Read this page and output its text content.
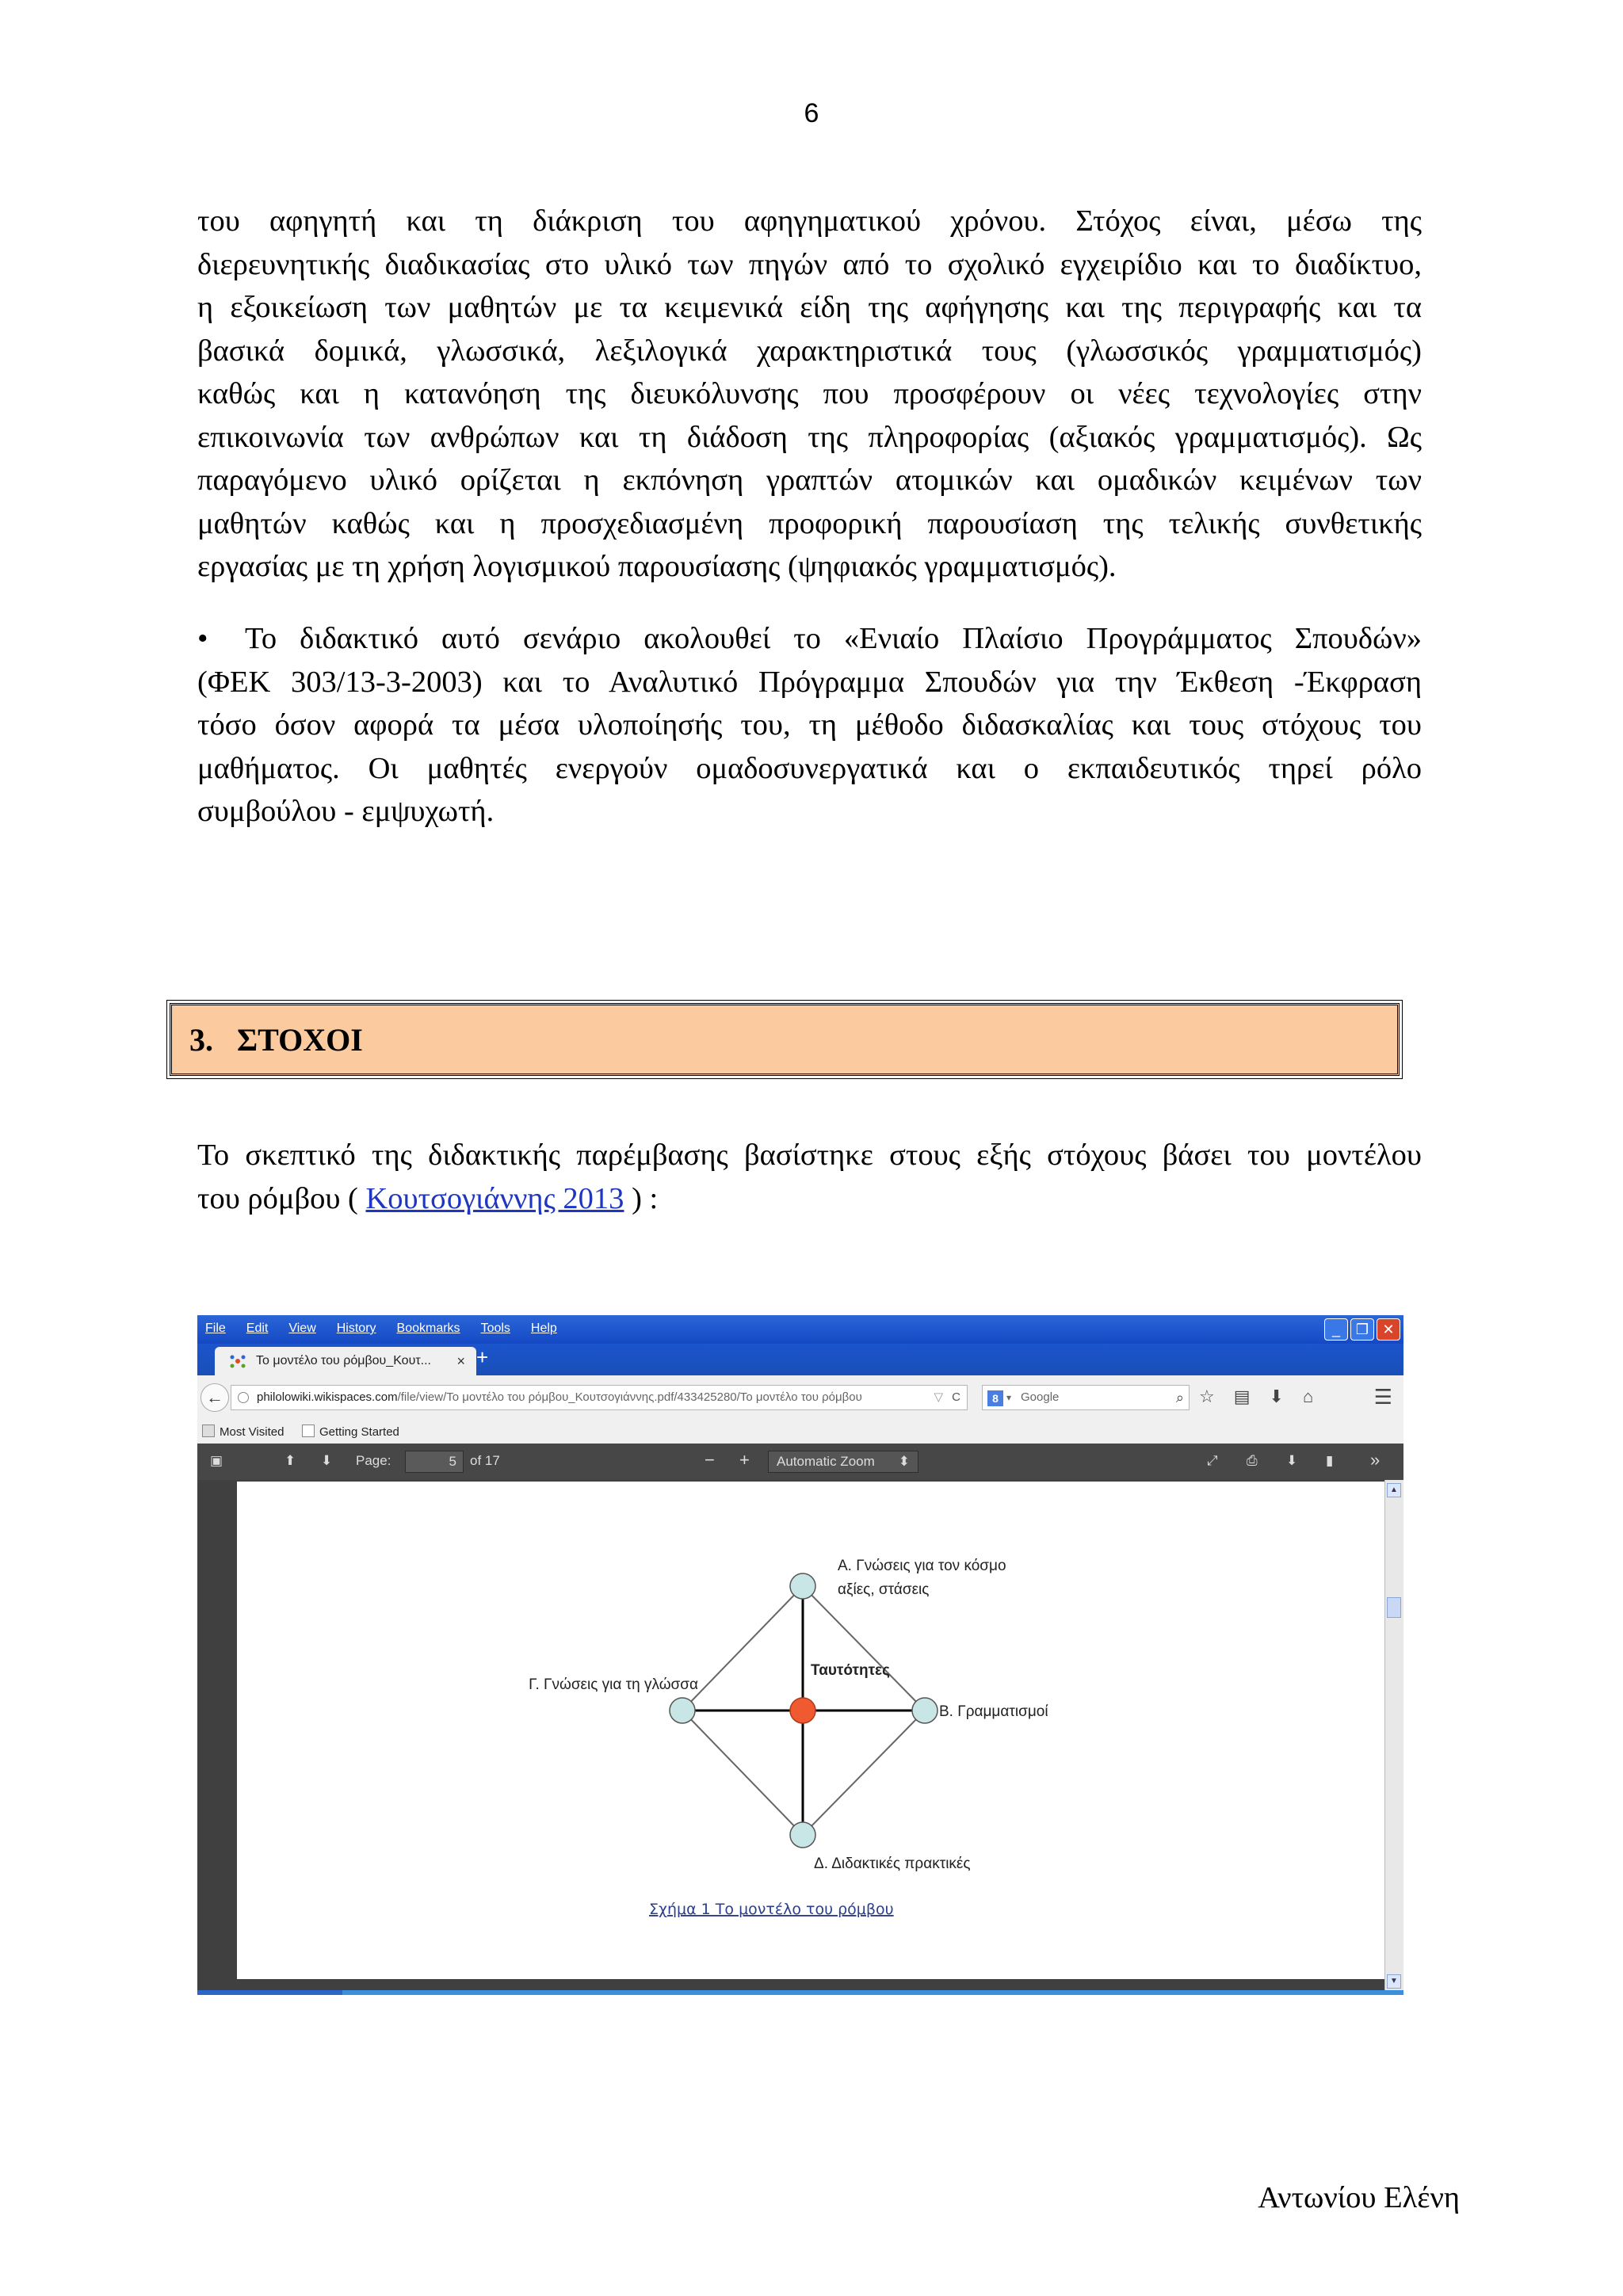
6
του αφηγητή και τη διάκριση του αφηγηματικού χρόνου. Στόχος είναι, μέσω της
διερευνητικής διαδικασίας στο υλικό των πηγών από το σχολικό εγχειρίδιο και το διαδίκτυο,
η εξοικείωση των μαθητών με τα κειμενικά είδη της αφήγησης και της περιγραφής και τα
βασικά δομικά, γλωσσικά, λεξιλογικά χαρακτηριστικά τους (γλωσσικός γραμματισμός)
καθώς και η κατανόηση της διευκόλυνσης που προσφέρουν οι νέες τεχνολογίες στην
επικοινωνία των ανθρώπων και τη διάδοση της πληροφορίας (αξιακός γραμματισμός). Ως
παραγόμενο υλικό ορίζεται η εκπόνηση γραπτών ατομικών και ομαδικών κειμένων των
μαθητών καθώς και η προσχεδιασμένη προφορική παρουσίαση της τελικής συνθετικής
εργασίας με τη χρήση λογισμικού παρουσίασης (ψηφιακός γραμματισμός).
• Το διδακτικό αυτό σενάριο ακολουθεί το «Ενιαίο Πλαίσιο Προγράμματος Σπουδών»
(ΦΕΚ 303/13-3-2003) και το Αναλυτικό Πρόγραμμα Σπουδών για την Έκθεση -Έκφραση
τόσο όσον αφορά τα μέσα υλοποίησής του, τη μέθοδο διδασκαλίας και τους στόχους του
μαθήματος. Οι μαθητές ενεργούν ομαδοσυνεργατικά και ο εκπαιδευτικός τηρεί ρόλο
συμβούλου - εμψυχωτή.
3.   ΣΤΟΧΟΙ
Το σκεπτικό της διδακτικής παρέμβασης βασίστηκε στους εξής στόχους βάσει του μοντέλου
του ρόμβου ( Κουτσογιάννης 2013 ) :
File Edit View History Bookmarks Tools Help	_	❐ ✕
Το μοντέλο του ρόμβου_Κουτ... × +
←	philolowiki.wikispaces.com/file/view/Το μοντέλο του ρόμβου_Κουτσογιάννης.pdf/433425280/Το μοντέλο του ρόμβου	▽ C	8 ▾ Google	⌕ ☆ ▤ ⬇ ⌂	☰
Most Visited	Getting Started
▣	⬆ ⬇ Page:	5	of 17	− +	Automatic Zoom ⬍	⤢ ⎙ ⬇ ▮ »
Α. Γνώσεις για τον κόσμο
αξίες, στάσεις
Ταυτότητες
Γ. Γνώσεις για τη γλώσσα
Β. Γραμματισμοί
Δ. Διδακτικές πρακτικές
Σχήμα 1 Το μοντέλο του ρόμβου
▲
▼
Αντωνίου Ελένη
